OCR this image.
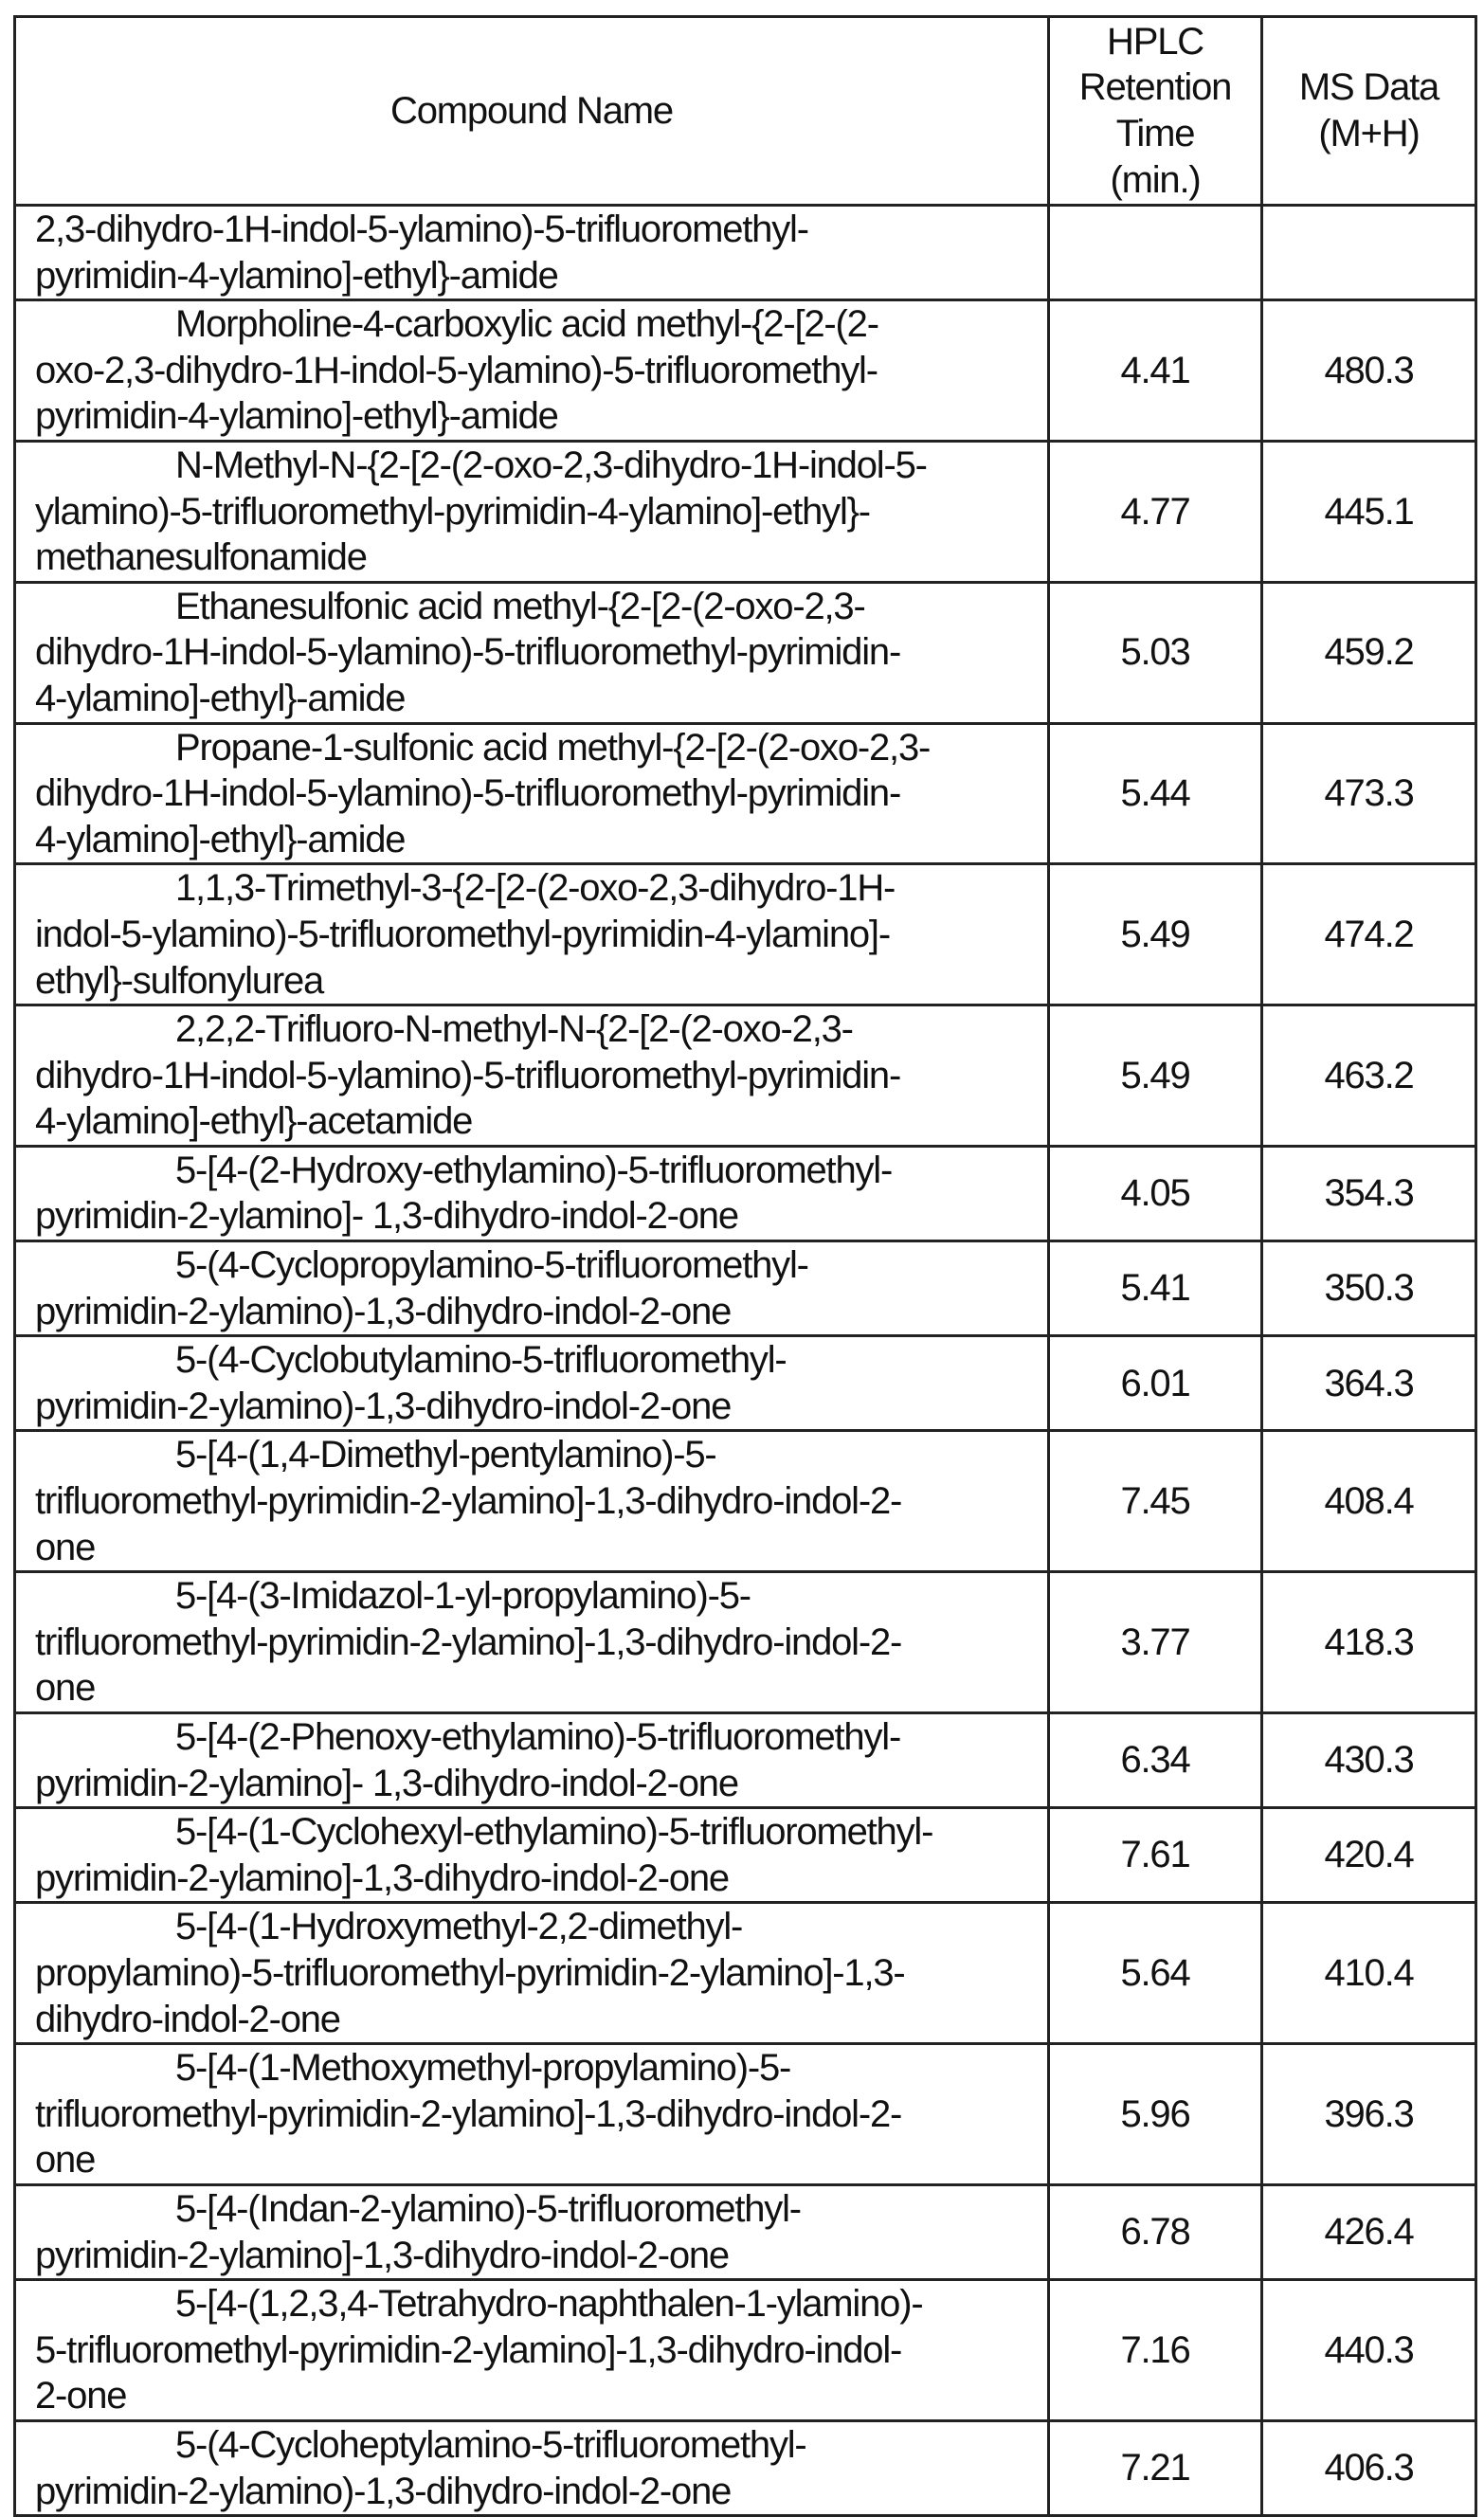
Compound Name	HPLC
Retention
Time
(min.)	MS Data
(M+H)
2,3-dihydro-1H-indol-5-ylamino)-5-trifluoromethyl-
pyrimidin-4-ylamino]-ethyl}-amide		
Morpholine-4-carboxylic acid methyl-{2-[2-(2-
oxo-2,3-dihydro-1H-indol-5-ylamino)-5-trifluoromethyl-
pyrimidin-4-ylamino]-ethyl}-amide	4.41	480.3
N-Methyl-N-{2-[2-(2-oxo-2,3-dihydro-1H-indol-5-
ylamino)-5-trifluoromethyl-pyrimidin-4-ylamino]-ethyl}-
methanesulfonamide	4.77	445.1
Ethanesulfonic acid methyl-{2-[2-(2-oxo-2,3-
dihydro-1H-indol-5-ylamino)-5-trifluoromethyl-pyrimidin-
4-ylamino]-ethyl}-amide	5.03	459.2
Propane-1-sulfonic acid methyl-{2-[2-(2-oxo-2,3-
dihydro-1H-indol-5-ylamino)-5-trifluoromethyl-pyrimidin-
4-ylamino]-ethyl}-amide	5.44	473.3
1,1,3-Trimethyl-3-{2-[2-(2-oxo-2,3-dihydro-1H-
indol-5-ylamino)-5-trifluoromethyl-pyrimidin-4-ylamino]-
ethyl}-sulfonylurea	5.49	474.2
2,2,2-Trifluoro-N-methyl-N-{2-[2-(2-oxo-2,3-
dihydro-1H-indol-5-ylamino)-5-trifluoromethyl-pyrimidin-
4-ylamino]-ethyl}-acetamide	5.49	463.2
5-[4-(2-Hydroxy-ethylamino)-5-trifluoromethyl-
pyrimidin-2-ylamino]- 1,3-dihydro-indol-2-one	4.05	354.3
5-(4-Cyclopropylamino-5-trifluoromethyl-
pyrimidin-2-ylamino)-1,3-dihydro-indol-2-one	5.41	350.3
5-(4-Cyclobutylamino-5-trifluoromethyl-
pyrimidin-2-ylamino)-1,3-dihydro-indol-2-one	6.01	364.3
5-[4-(1,4-Dimethyl-pentylamino)-5-
trifluoromethyl-pyrimidin-2-ylamino]-1,3-dihydro-indol-2-
one	7.45	408.4
5-[4-(3-Imidazol-1-yl-propylamino)-5-
trifluoromethyl-pyrimidin-2-ylamino]-1,3-dihydro-indol-2-
one	3.77	418.3
5-[4-(2-Phenoxy-ethylamino)-5-trifluoromethyl-
pyrimidin-2-ylamino]- 1,3-dihydro-indol-2-one	6.34	430.3
5-[4-(1-Cyclohexyl-ethylamino)-5-trifluoromethyl-
pyrimidin-2-ylamino]-1,3-dihydro-indol-2-one	7.61	420.4
5-[4-(1-Hydroxymethyl-2,2-dimethyl-
propylamino)-5-trifluoromethyl-pyrimidin-2-ylamino]-1,3-
dihydro-indol-2-one	5.64	410.4
5-[4-(1-Methoxymethyl-propylamino)-5-
trifluoromethyl-pyrimidin-2-ylamino]-1,3-dihydro-indol-2-
one	5.96	396.3
5-[4-(Indan-2-ylamino)-5-trifluoromethyl-
pyrimidin-2-ylamino]-1,3-dihydro-indol-2-one	6.78	426.4
5-[4-(1,2,3,4-Tetrahydro-naphthalen-1-ylamino)-
5-trifluoromethyl-pyrimidin-2-ylamino]-1,3-dihydro-indol-
2-one	7.16	440.3
5-(4-Cycloheptylamino-5-trifluoromethyl-
pyrimidin-2-ylamino)-1,3-dihydro-indol-2-one	7.21	406.3
